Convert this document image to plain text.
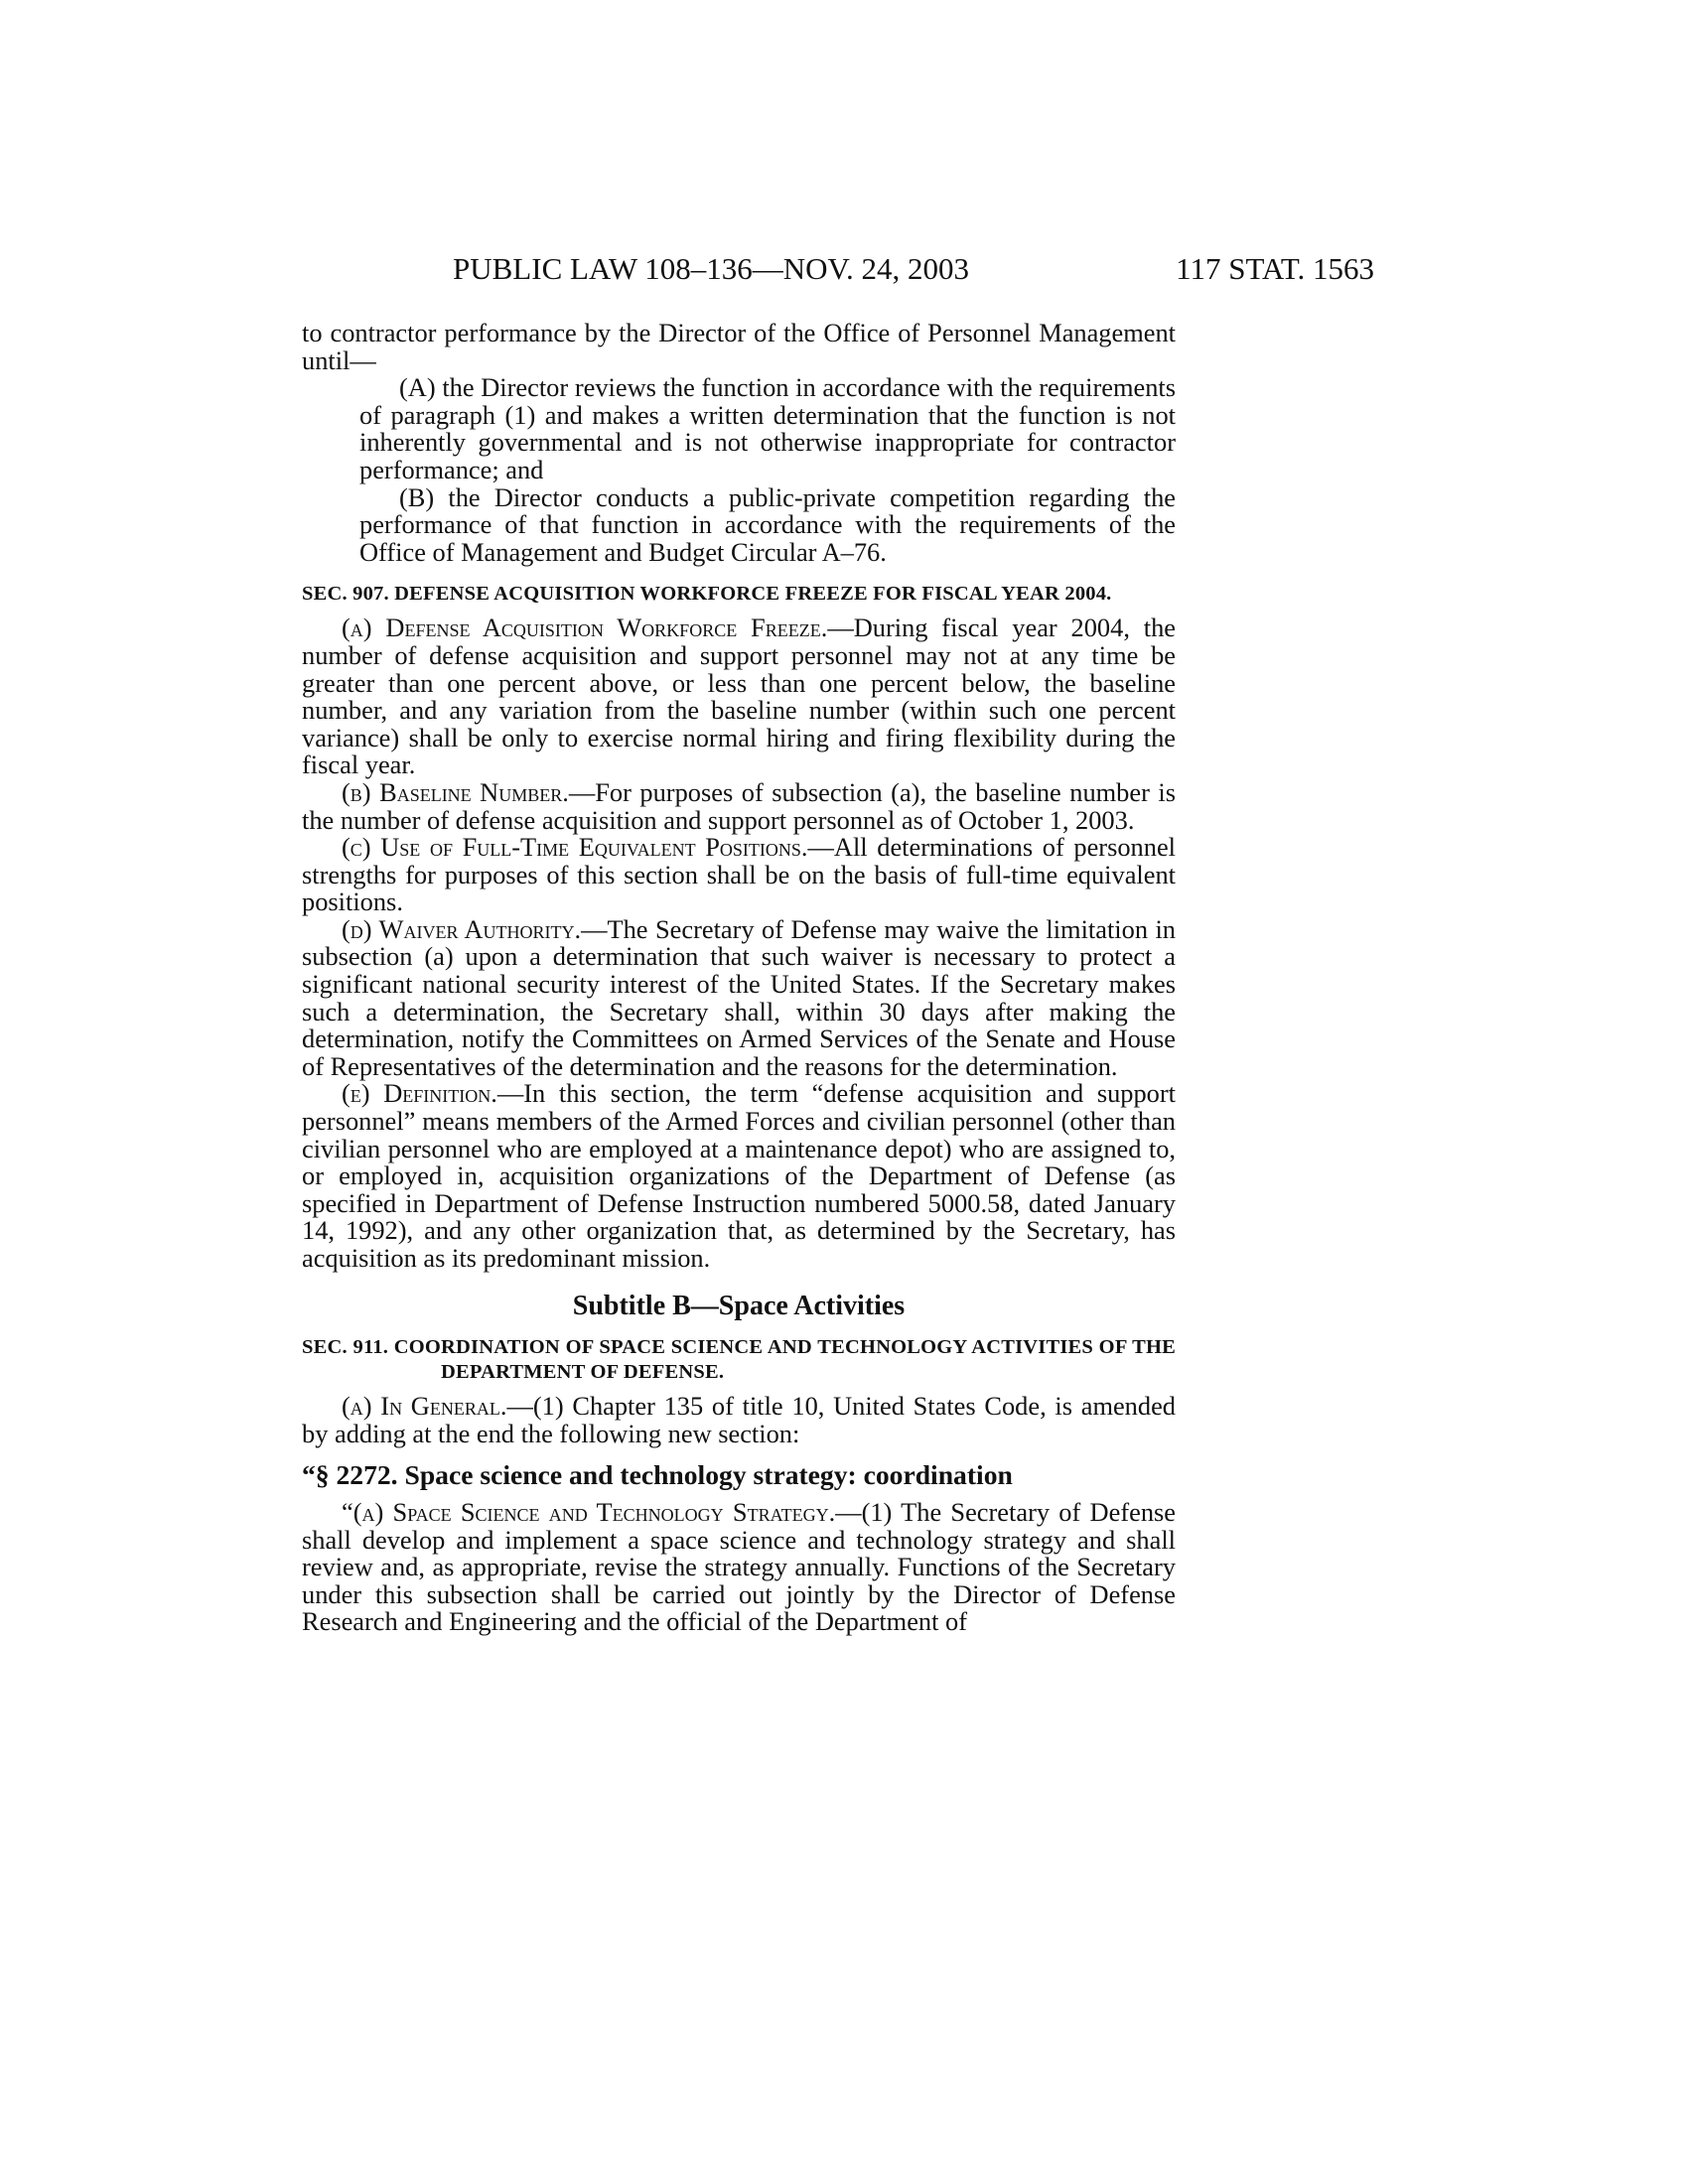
PUBLIC LAW 108–136—NOV. 24, 2003	117 STAT. 1563

to contractor performance by the Director of the Office of Personnel Management until—

(A) the Director reviews the function in accordance with the requirements of paragraph (1) and makes a written determination that the function is not inherently governmental and is not otherwise inappropriate for contractor performance; and

(B) the Director conducts a public-private competition regarding the performance of that function in accordance with the requirements of the Office of Management and Budget Circular A–76.

SEC. 907. DEFENSE ACQUISITION WORKFORCE FREEZE FOR FISCAL YEAR 2004.

(a) Defense Acquisition Workforce Freeze.—During fiscal year 2004, the number of defense acquisition and support personnel may not at any time be greater than one percent above, or less than one percent below, the baseline number, and any variation from the baseline number (within such one percent variance) shall be only to exercise normal hiring and firing flexibility during the fiscal year.

(b) Baseline Number.—For purposes of subsection (a), the baseline number is the number of defense acquisition and support personnel as of October 1, 2003.

(c) Use of Full-Time Equivalent Positions.—All determinations of personnel strengths for purposes of this section shall be on the basis of full-time equivalent positions.

(d) Waiver Authority.—The Secretary of Defense may waive the limitation in subsection (a) upon a determination that such waiver is necessary to protect a significant national security interest of the United States. If the Secretary makes such a determination, the Secretary shall, within 30 days after making the determination, notify the Committees on Armed Services of the Senate and House of Representatives of the determination and the reasons for the determination.

(e) Definition.—In this section, the term “defense acquisition and support personnel” means members of the Armed Forces and civilian personnel (other than civilian personnel who are employed at a maintenance depot) who are assigned to, or employed in, acquisition organizations of the Department of Defense (as specified in Department of Defense Instruction numbered 5000.58, dated January 14, 1992), and any other organization that, as determined by the Secretary, has acquisition as its predominant mission.

Subtitle B—Space Activities

SEC. 911. COORDINATION OF SPACE SCIENCE AND TECHNOLOGY ACTIVITIES OF THE DEPARTMENT OF DEFENSE.

(a) In General.—(1) Chapter 135 of title 10, United States Code, is amended by adding at the end the following new section:

“§ 2272. Space science and technology strategy: coordination

“(a) Space Science and Technology Strategy.—(1) The Secretary of Defense shall develop and implement a space science and technology strategy and shall review and, as appropriate, revise the strategy annually. Functions of the Secretary under this subsection shall be carried out jointly by the Director of Defense Research and Engineering and the official of the Department of
